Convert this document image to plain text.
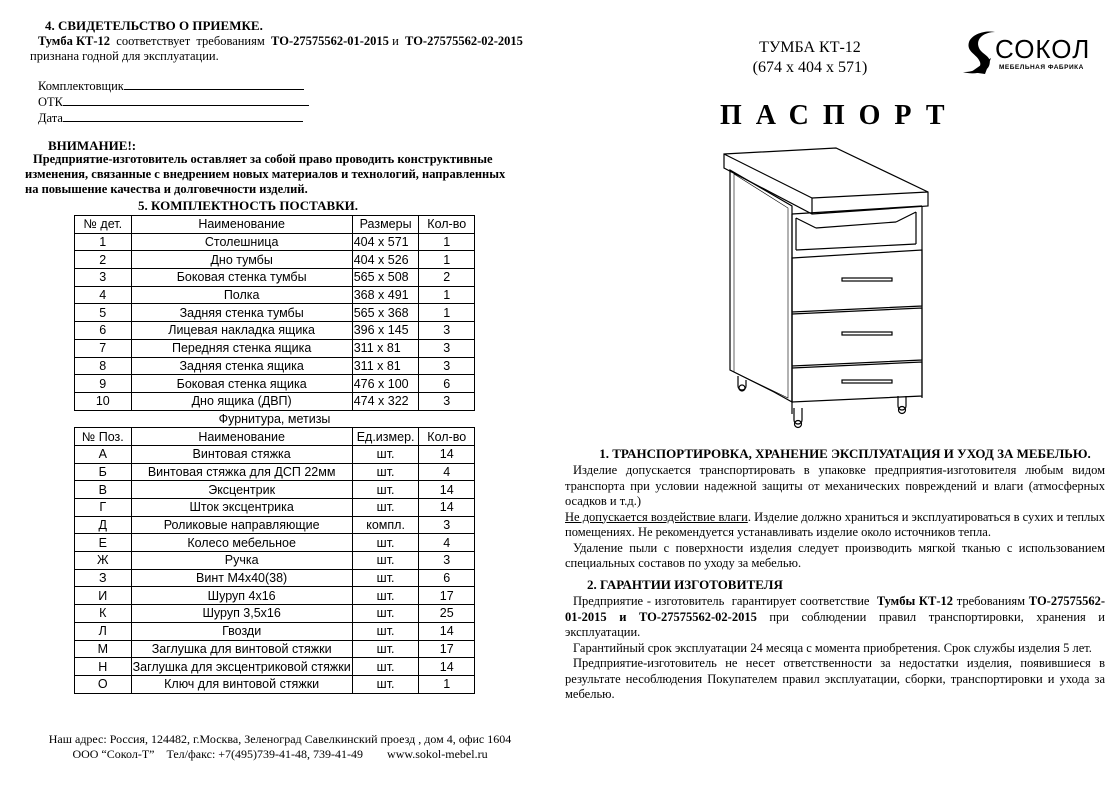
4. СВИДЕТЕЛЬСТВО О ПРИЕМКЕ.
Тумба КТ-12  соответствует  требованиям  ТО-27575562-01-2015 и  ТО-27575562-02-2015
признана годной для эксплуатации.
Комплектовщик
ОТК
Дата
ВНИМАНИЕ!:
Предприятие-изготовитель оставляет за собой право проводить конструктивные
изменения, связанные с внедрением новых материалов и технологий, направленных
на повышение качества и долговечности изделий.
5. КОМПЛЕКТНОСТЬ ПОСТАВКИ.
№ дет.	Наименование	Размеры	Кол-во
1	Столешница	404 х 571	1
2	Дно тумбы	404 х 526	1
3	Боковая стенка тумбы	565 х 508	2
4	Полка	368 х 491	1
5	Задняя стенка тумбы	565 х 368	1
6	Лицевая накладка ящика	396 х 145	3
7	Передняя стенка ящика	311 х 81	3
8	Задняя стенка ящика	311 х 81	3
9	Боковая стенка ящика	476 х 100	6
10	Дно ящика (ДВП)	474 х 322	3
Фурнитура, метизы			
№ Поз.	Наименование	Ед.измер.	Кол-во
А	Винтовая стяжка	шт.	14
Б	Винтовая стяжка для ДСП 22мм	шт.	4
В	Эксцентрик	шт.	14
Г	Шток эксцентрика	шт.	14
Д	Роликовые направляющие	компл.	3
Е	Колесо мебельное	шт.	4
Ж	Ручка	шт.	3
З	Винт М4х40(38)	шт.	6
И	Шуруп 4х16	шт.	17
К	Шуруп 3,5х16	шт.	25
Л	Гвозди	шт.	14
М	Заглушка для винтовой стяжки	шт.	17
Н	Заглушка для эксцентриковой стяжки	шт.	14
О	Ключ для винтовой стяжки	шт.	1
Наш адрес: Россия, 124482, г.Москва, Зеленоград Савелкинский проезд , дом 4, офис 1604
ООО “Сокол-Т”    Тел/факс: +7(495)739-41-48, 739-41-49        www.sokol-mebel.ru
ТУМБА КТ-12
(674 х 404 х 571)
СОКОЛ
МЕБЕЛЬНАЯ ФАБРИКА
ПАСПОРТ
1. ТРАНСПОРТИРОВКА, ХРАНЕНИЕ ЭКСПЛУАТАЦИЯ И УХОД ЗА МЕБЕЛЬЮ.

Изделие допускается транспортировать в упаковке предприятия-изготовителя любым видом транспорта при условии надежной защиты от механических повреждений и влаги (атмосферных осадков и т.д.)

Не допускается воздействие влаги. Изделие должно храниться и эксплуатироваться в сухих и теплых помещениях. Не рекомендуется устанавливать изделие около источников тепла.

Удаление пыли с поверхности изделия следует производить мягкой тканью с использованием специальных составов по уходу за мебелью.

2. ГАРАНТИИ ИЗГОТОВИТЕЛЯ

Предприятие - изготовитель  гарантирует соответствие  Тумбы КТ-12 требованиям ТО-27575562-01-2015 и ТО-27575562-02-2015 при соблюдении правил транспортировки, хранения и эксплуатации.

Гарантийный срок эксплуатации 24 месяца с момента приобретения. Срок службы изделия 5 лет.

Предприятие-изготовитель не несет ответственности за недостатки изделия, появившиеся в результате несоблюдения Покупателем правил эксплуатации, сборки, транспортировки и ухода за мебелью.
